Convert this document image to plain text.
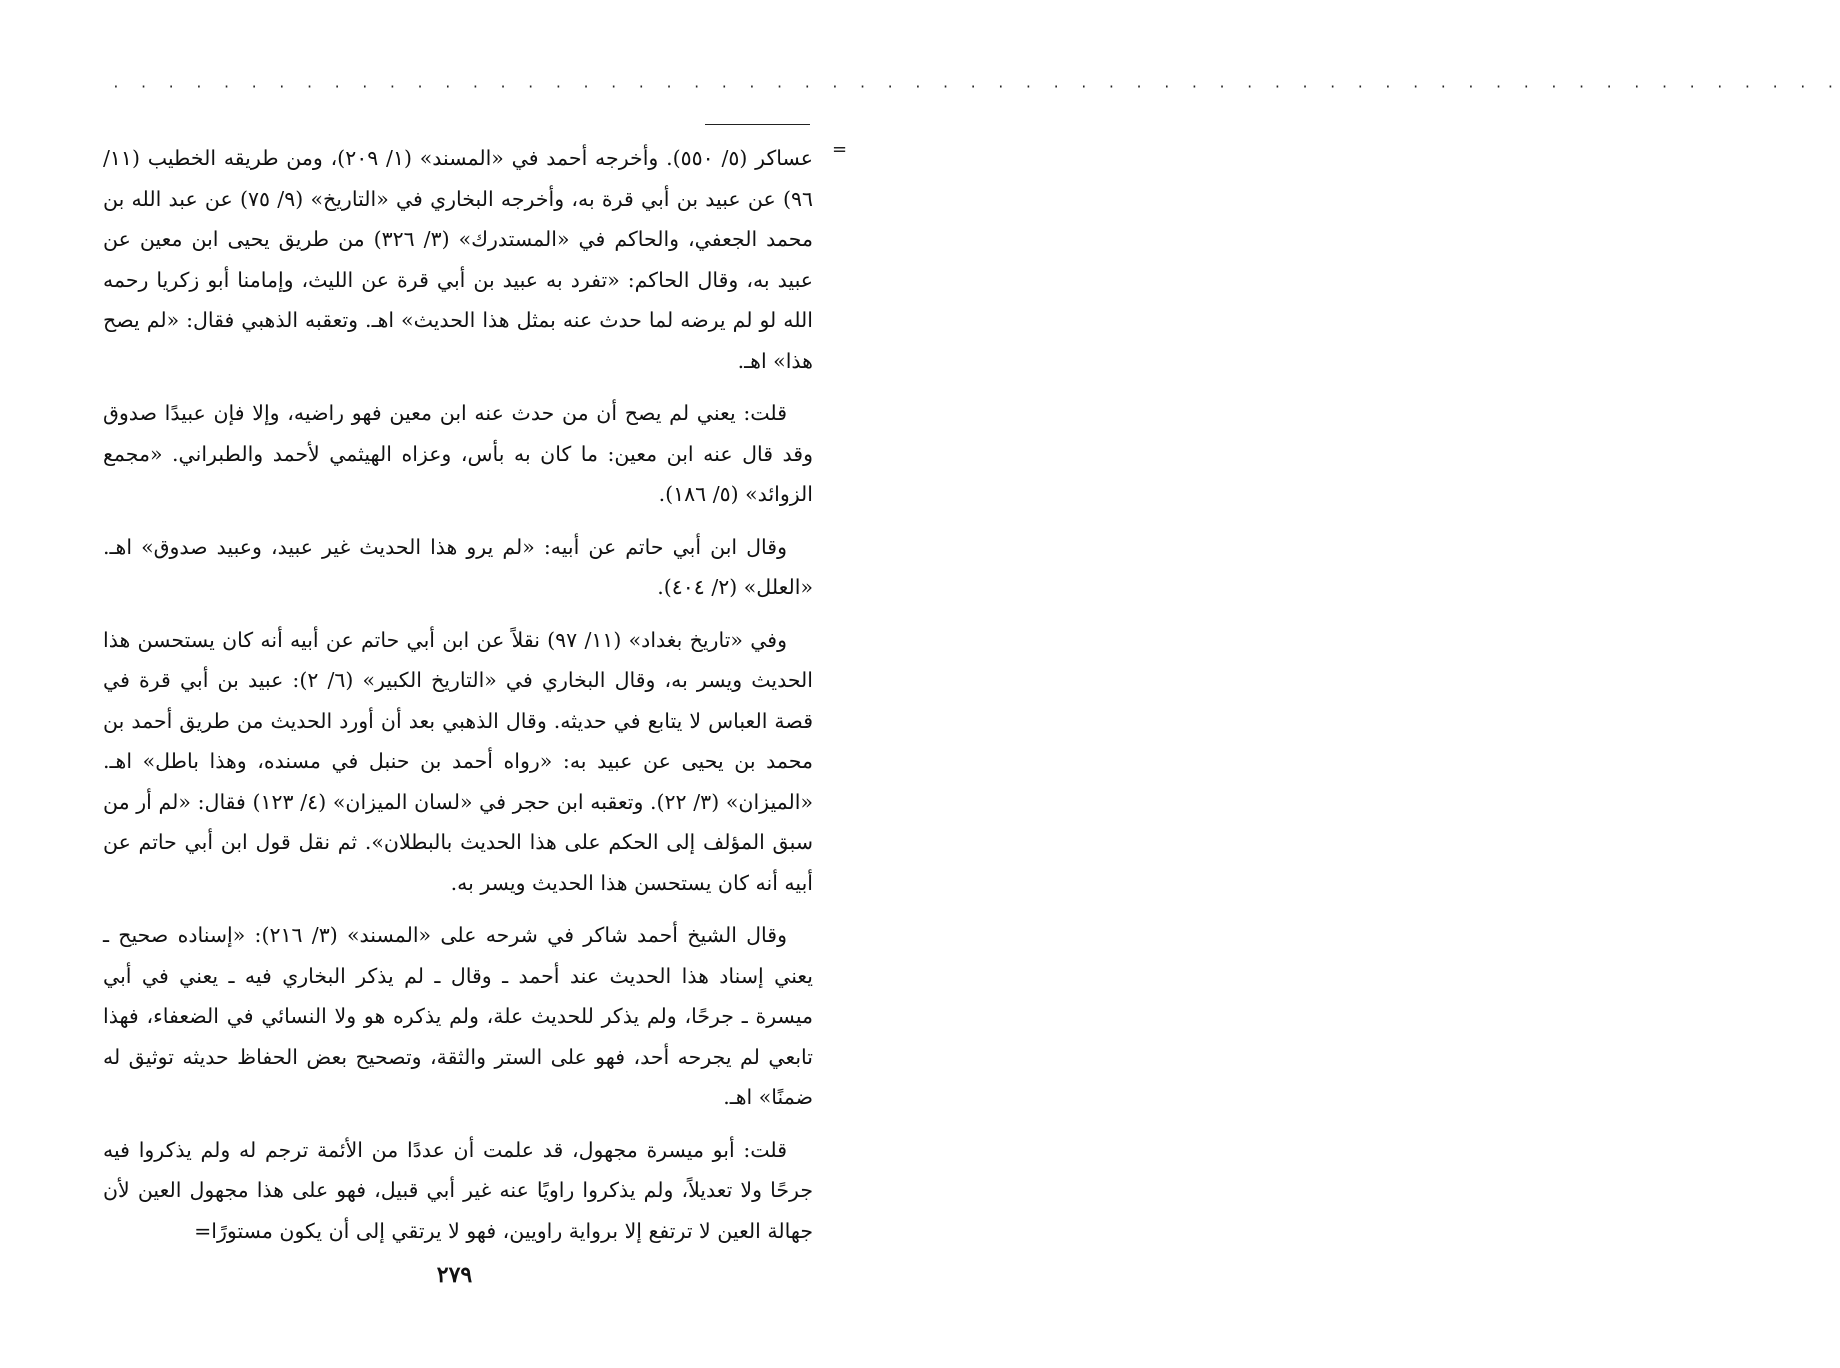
· · · · · · · · · · · · · · · · · · · · · · · · · · · · · · · · · · · · · · · · · · · · · · · · · · · · · · · · · · · · · · ·
=

عساكر (٥/ ٥٥٠). وأخرجه أحمد في «المسند» (١/ ٢٠٩)، ومن طريقه الخطيب (١١/ ٩٦) عن عبيد بن أبي قرة به، وأخرجه البخاري في «التاريخ» (٩/ ٧٥) عن عبد الله بن محمد الجعفي، والحاكم في «المستدرك» (٣/ ٣٢٦) من طريق يحيى ابن معين عن عبيد به، وقال الحاكم: «تفرد به عبيد بن أبي قرة عن الليث، وإمامنا أبو زكريا رحمه الله لو لم يرضه لما حدث عنه بمثل هذا الحديث» اهـ. وتعقبه الذهبي فقال: «لم يصح هذا» اهـ.

قلت: يعني لم يصح أن من حدث عنه ابن معين فهو راضيه، وإلا فإن عبيدًا صدوق وقد قال عنه ابن معين: ما كان به بأس، وعزاه الهيثمي لأحمد والطبراني. «مجمع الزوائد» (٥/ ١٨٦).

وقال ابن أبي حاتم عن أبيه: «لم يرو هذا الحديث غير عبيد، وعبيد صدوق» اهـ. «العلل» (٢/ ٤٠٤).

وفي «تاريخ بغداد» (١١/ ٩٧) نقلاً عن ابن أبي حاتم عن أبيه أنه كان يستحسن هذا الحديث ويسر به، وقال البخاري في «التاريخ الكبير» (٦/ ٢): عبيد بن أبي قرة في قصة العباس لا يتابع في حديثه. وقال الذهبي بعد أن أورد الحديث من طريق أحمد بن محمد بن يحيى عن عبيد به: «رواه أحمد بن حنبل في مسنده، وهذا باطل» اهـ. «الميزان» (٣/ ٢٢). وتعقبه ابن حجر في «لسان الميزان» (٤/ ١٢٣) فقال: «لم أر من سبق المؤلف إلى الحكم على هذا الحديث بالبطلان». ثم نقل قول ابن أبي حاتم عن أبيه أنه كان يستحسن هذا الحديث ويسر به.

وقال الشيخ أحمد شاكر في شرحه على «المسند» (٣/ ٢١٦): «إسناده صحيح ـ يعني إسناد هذا الحديث عند أحمد ـ وقال ـ لم يذكر البخاري فيه ـ يعني في أبي ميسرة ـ جرحًا، ولم يذكر للحديث علة، ولم يذكره هو ولا النسائي في الضعفاء، فهذا تابعي لم يجرحه أحد، فهو على الستر والثقة، وتصحيح بعض الحفاظ حديثه توثيق له ضمنًا» اهـ.

قلت: أبو ميسرة مجهول، قد علمت أن عددًا من الأئمة ترجم له ولم يذكروا فيه جرحًا ولا تعديلاً، ولم يذكروا راويًا عنه غير أبي قبيل، فهو على هذا مجهول العين لأن جهالة العين لا ترتفع إلا برواية راويين، فهو لا يرتقي إلى أن يكون مستورًا=

٢٧٩
